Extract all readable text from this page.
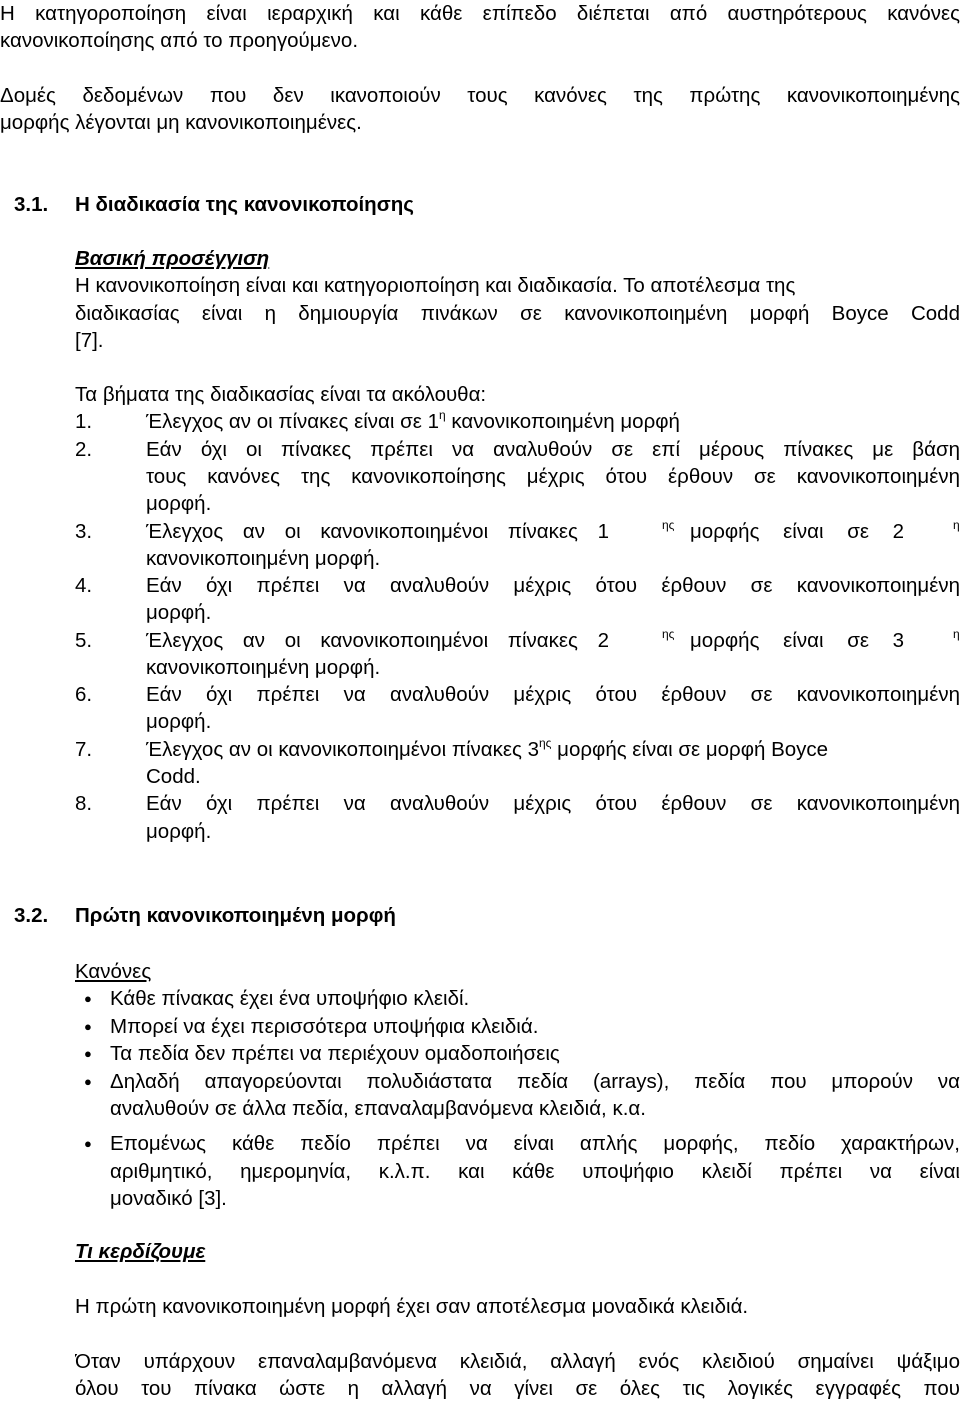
Η κατηγοροποίηση είναι ιεραρχική και κάθε επίπεδο διέπεται από αυστηρότερους κανόνες
κανονικοποίησης από το προηγούμενο.
Δομές δεδομένων που δεν ικανοποιούν τους κανόνες της πρώτης κανονικοποιημένης
μορφής λέγονται μη κανονικοποιημένες.
3.1. Η διαδικασία της κανονικοποίησης
Βασική προσέγγιση
Η κανονικοποίηση είναι και κατηγοριοποίηση και διαδικασία. Το αποτέλεσμα της
διαδικασίας είναι η δημιουργία πινάκων σε κανονικοποιημένη μορφή Boyce Codd
[7].
Τα βήματα της διαδικασίας είναι τα ακόλουθα:
1.	Έλεγχος αν οι πίνακες είναι σε $1^\eta$ κανονικοποιημένη μορφή
2.	Εάν όχι οι πίνακες πρέπει να αναλυθούν σε επί μέρους πίνακες με βάση
τους κανόνες της κανονικοποίησης μέχρις ότου έρθουν σε κανονικοποιημένη
μορφή.
3.	Έλεγχος αν οι κανονικοποιημένοι πίνακες 1	$^{\eta\varsigma}$ μορφής είναι σε 2	$^\eta$
κανονικοποιημένη μορφή.
4.	Εάν όχι πρέπει να αναλυθούν μέχρις ότου έρθουν σε κανονικοποιημένη
μορφή.
5.	Έλεγχος αν οι κανονικοποιημένοι πίνακες 2	$^{\eta\varsigma}$ μορφής είναι σε 3	$^\eta$
κανονικοποιημένη μορφή.
6.	Εάν όχι πρέπει να αναλυθούν μέχρις ότου έρθουν σε κανονικοποιημένη
μορφή.
7.	Έλεγχος αν οι κανονικοποιημένοι πίνακες $3^{\eta\varsigma}$ μορφής είναι σε μορφή Boyce
Codd.
8.	Εάν όχι πρέπει να αναλυθούν μέχρις ότου έρθουν σε κανονικοποιημένη
μορφή.
3.2. Πρώτη κανονικοποιημένη μορφή
Κανόνες
● Κάθε πίνακας έχει ένα υποψήφιο κλειδί.
● Μπορεί να έχει περισσότερα υποψήφια κλειδιά.
● Τα πεδία δεν πρέπει να περιέχουν ομαδοποιήσεις
● Δηλαδή απαγορεύονται πολυδιάστατα πεδία (arrays), πεδία που μπορούν να
αναλυθούν σε άλλα πεδία, επαναλαμβανόμενα κλειδιά, κ.α.
● Επομένως κάθε πεδίο πρέπει να είναι απλής μορφής, πεδίο χαρακτήρων,
αριθμητικό, ημερομηνία, κ.λ.π. και κάθε υποψήφιο κλειδί πρέπει να είναι
μοναδικό [3].
Τι κερδίζουμε
Η πρώτη κανονικοποιημένη μορφή έχει σαν αποτέλεσμα μοναδικά κλειδιά.
Όταν υπάρχουν επαναλαμβανόμενα κλειδιά, αλλαγή ενός κλειδιού σημαίνει ψάξιμο
όλου του πίνακα ώστε η αλλαγή να γίνει σε όλες τις λογικές εγγραφές που
